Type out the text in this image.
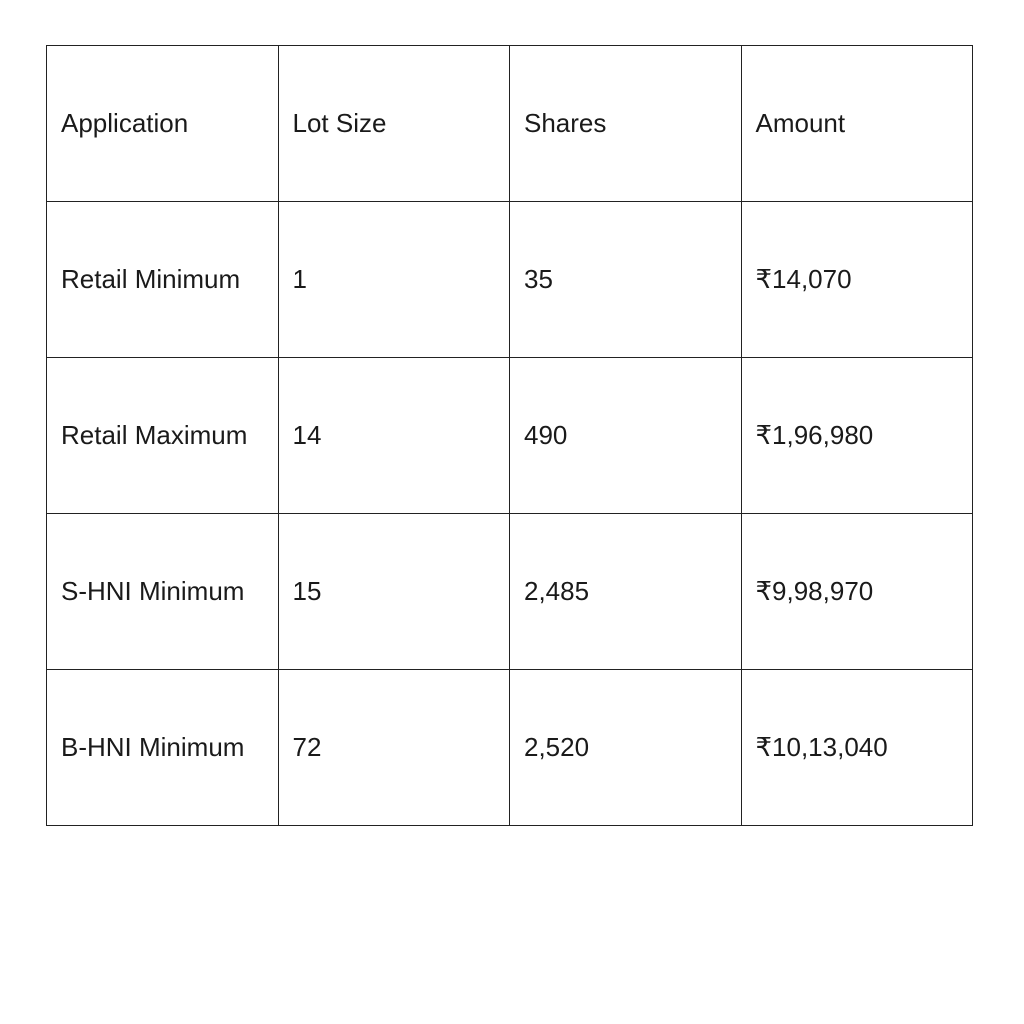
Application	Lot Size	Shares	Amount
Retail Minimum	1	35	₹14,070
Retail Maximum	14	490	₹1,96,980
S-HNI Minimum	15	2,485	₹9,98,970
B-HNI Minimum	72	2,520	₹10,13,040
